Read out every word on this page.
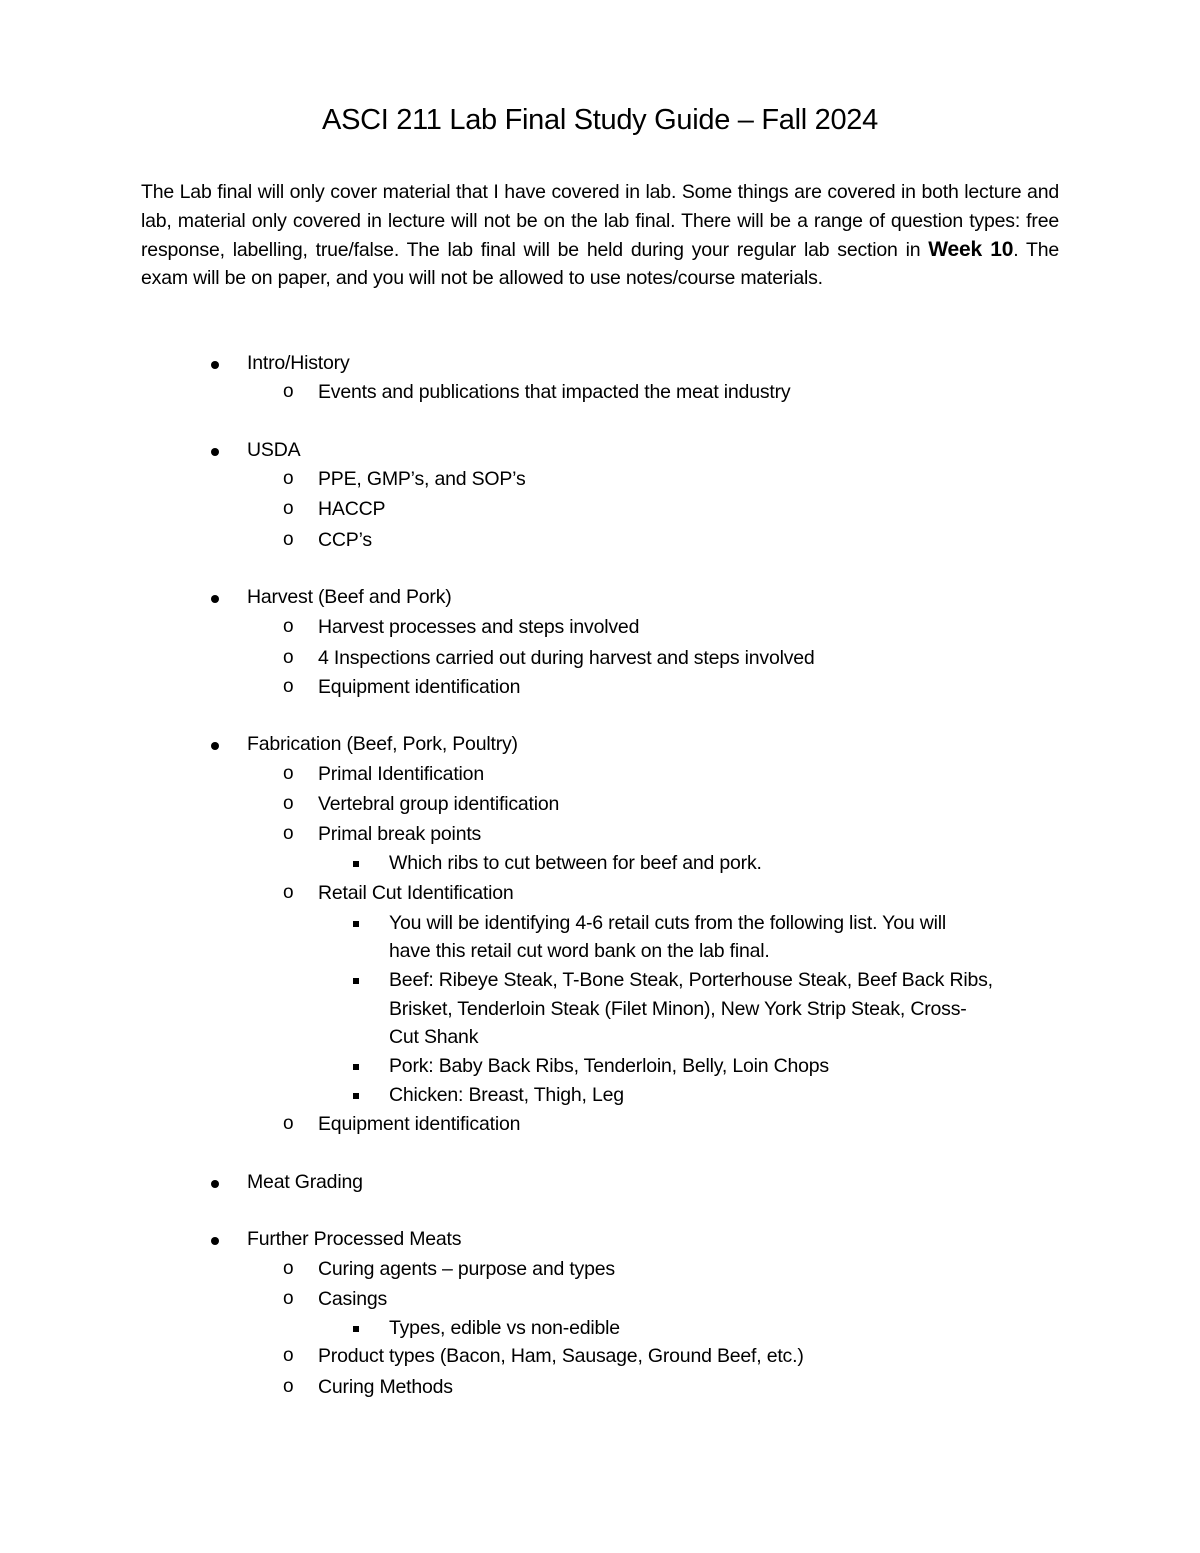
ASCI 211 Lab Final Study Guide – Fall 2024
The Lab final will only cover material that I have covered in lab. Some things are covered in both lecture and lab, material only covered in lecture will not be on the lab final. There will be a range of question types: free response, labelling, true/false. The lab final will be held during your regular lab section in Week 10. The exam will be on paper, and you will not be allowed to use notes/course materials.
Intro/History
o Events and publications that impacted the meat industry
USDA
o PPE, GMP’s, and SOP’s
o HACCP
o CCP’s
Harvest (Beef and Pork)
o Harvest processes and steps involved
o 4 Inspections carried out during harvest and steps involved
o Equipment identification
Fabrication (Beef, Pork, Poultry)
o Primal Identification
o Vertebral group identification
o Primal break points
Which ribs to cut between for beef and pork.
o Retail Cut Identification
You will be identifying 4-6 retail cuts from the following list. You will
have this retail cut word bank on the lab final.
Beef: Ribeye Steak, T-Bone Steak, Porterhouse Steak, Beef Back Ribs,
Brisket, Tenderloin Steak (Filet Minon), New York Strip Steak, Cross-
Cut Shank
Pork: Baby Back Ribs, Tenderloin, Belly, Loin Chops
Chicken: Breast, Thigh, Leg
o Equipment identification
Meat Grading
Further Processed Meats
o Curing agents – purpose and types
o Casings
Types, edible vs non-edible
o Product types (Bacon, Ham, Sausage, Ground Beef, etc.)
o Curing Methods
